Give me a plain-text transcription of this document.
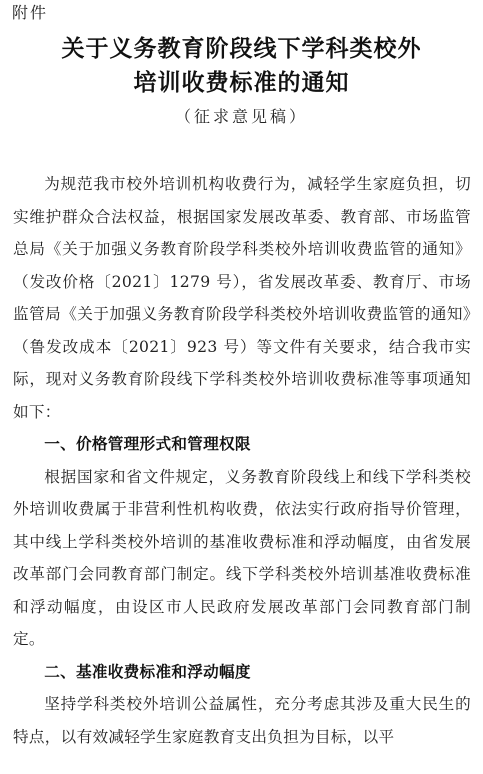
附件
关于义务教育阶段线下学科类校外
培训收费标准的通知
（征求意见稿）

为规范我市校外培训机构收费行为，减轻学生家庭负担，切实维护群众合法权益，根据国家发展改革委、教育部、市场监管总局《关于加强义务教育阶段学科类校外培训收费监管的通知》（发改价格〔2021〕1279 号），省发展改革委、教育厅、市场监管局《关于加强义务教育阶段学科类校外培训收费监管的通知》（鲁发改成本〔2021〕923 号）等文件有关要求，结合我市实际，现对义务教育阶段线下学科类校外培训收费标准等事项通知如下：

一、价格管理形式和管理权限

根据国家和省文件规定，义务教育阶段线上和线下学科类校外培训收费属于非营利性机构收费，依法实行政府指导价管理，其中线上学科类校外培训的基准收费标准和浮动幅度，由省发展改革部门会同教育部门制定。线下学科类校外培训基准收费标准和浮动幅度，由设区市人民政府发展改革部门会同教育部门制定。

二、基准收费标准和浮动幅度

坚持学科类校外培训公益属性，充分考虑其涉及重大民生的特点，以有效减轻学生家庭教育支出负担为目标，以平
